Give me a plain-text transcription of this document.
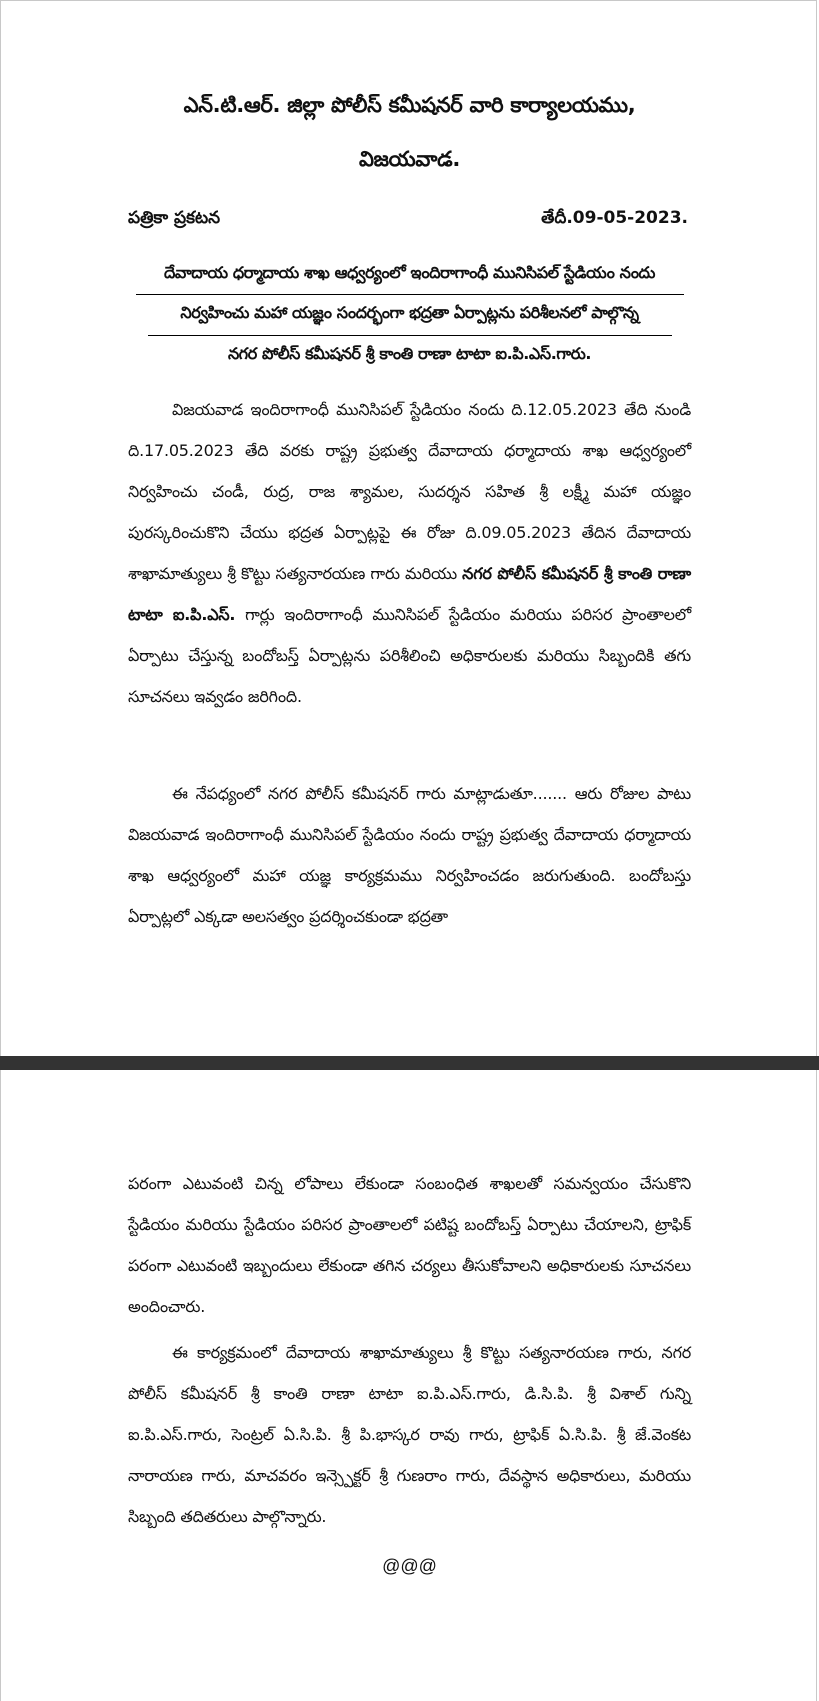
ఎన్.టి.ఆర్. జిల్లా పోలీస్ కమీషనర్ వారి కార్యాలయము,
విజయవాడ.
పత్రికా ప్రకటన	తేదీ.09-05-2023.
దేవాదాయ ధర్మాదాయ శాఖ ఆధ్వర్యంలో ఇందిరాగాంధీ మునిసిపల్ స్టేడియం నందు
నిర్వహించు మహా యజ్ఞం సందర్భంగా భద్రతా ఏర్పాట్లను పరిశీలనలో పాల్గొన్న
నగర పోలీస్ కమీషనర్ శ్రీ కాంతి రాణా టాటా ఐ.పి.ఎస్.గారు.
విజయవాడ ఇందిరాగాంధీ మునిసిపల్ స్టేడియం నందు ది.12.05.2023 తేది నుండి ది.17.05.2023 తేది వరకు రాష్ట్ర ప్రభుత్వ దేవాదాయ ధర్మాదాయ శాఖ ఆధ్వర్యంలో నిర్వహించు చండీ, రుద్ర, రాజ శ్యామల, సుదర్శన సహిత శ్రీ లక్ష్మీ మహా యజ్ఞం పురస్కరించుకొని చేయు భద్రత ఏర్పాట్లపై ఈ రోజు ది.09.05.2023 తేదిన దేవాదాయ శాఖామాత్యులు శ్రీ కొట్టు సత్యనారయణ గారు మరియు నగర పోలీస్ కమీషనర్ శ్రీ కాంతి రాణా టాటా ఐ.పి.ఎస్. గార్లు ఇందిరాగాంధీ మునిసిపల్ స్టేడియం మరియు పరిసర ప్రాంతాలలో ఏర్పాటు చేస్తున్న బందోబస్త్ ఏర్పాట్లను పరిశీలించి అధికారులకు మరియు సిబ్బందికి తగు సూచనలు ఇవ్వడం జరిగింది.
ఈ నేపధ్యంలో నగర పోలీస్ కమీషనర్ గారు మాట్లాడుతూ....... ఆరు రోజుల పాటు విజయవాడ ఇందిరాగాంధీ మునిసిపల్ స్టేడియం నందు రాష్ట్ర ప్రభుత్వ దేవాదాయ ధర్మాదాయ శాఖ ఆధ్వర్యంలో మహా యజ్ఞ కార్యక్రమము నిర్వహించడం జరుగుతుంది. బందోబస్తు ఏర్పాట్లలో ఎక్కడా అలసత్వం ప్రదర్శించకుండా భద్రతా
పరంగా ఎటువంటి చిన్న లోపాలు లేకుండా సంబంధిత శాఖలతో సమన్వయం చేసుకొని స్టేడియం మరియు స్టేడియం పరిసర ప్రాంతాలలో పటిష్ట బందోబస్త్ ఏర్పాటు చేయాలని, ట్రాఫిక్ పరంగా ఎటువంటి ఇబ్బందులు లేకుండా తగిన చర్యలు తీసుకోవాలని అధికారులకు సూచనలు అందించారు.
ఈ కార్యక్రమంలో దేవాదాయ శాఖామాత్యులు శ్రీ కొట్టు సత్యనారయణ గారు, నగర పోలీస్ కమీషనర్ శ్రీ కాంతి రాణా టాటా ఐ.పి.ఎస్.గారు, డి.సి.పి. శ్రీ విశాల్ గున్ని ఐ.పి.ఎస్.గారు, సెంట్రల్ ఏ.సి.పి. శ్రీ పి.భాస్కర రావు గారు, ట్రాఫిక్ ఏ.సి.పి. శ్రీ జే.వెంకట నారాయణ గారు, మాచవరం ఇన్స్పెక్టర్ శ్రీ గుణరాం గారు, దేవస్థాన అధికారులు, మరియు సిబ్బంది తదితరులు పాల్గొన్నారు.
@@@
